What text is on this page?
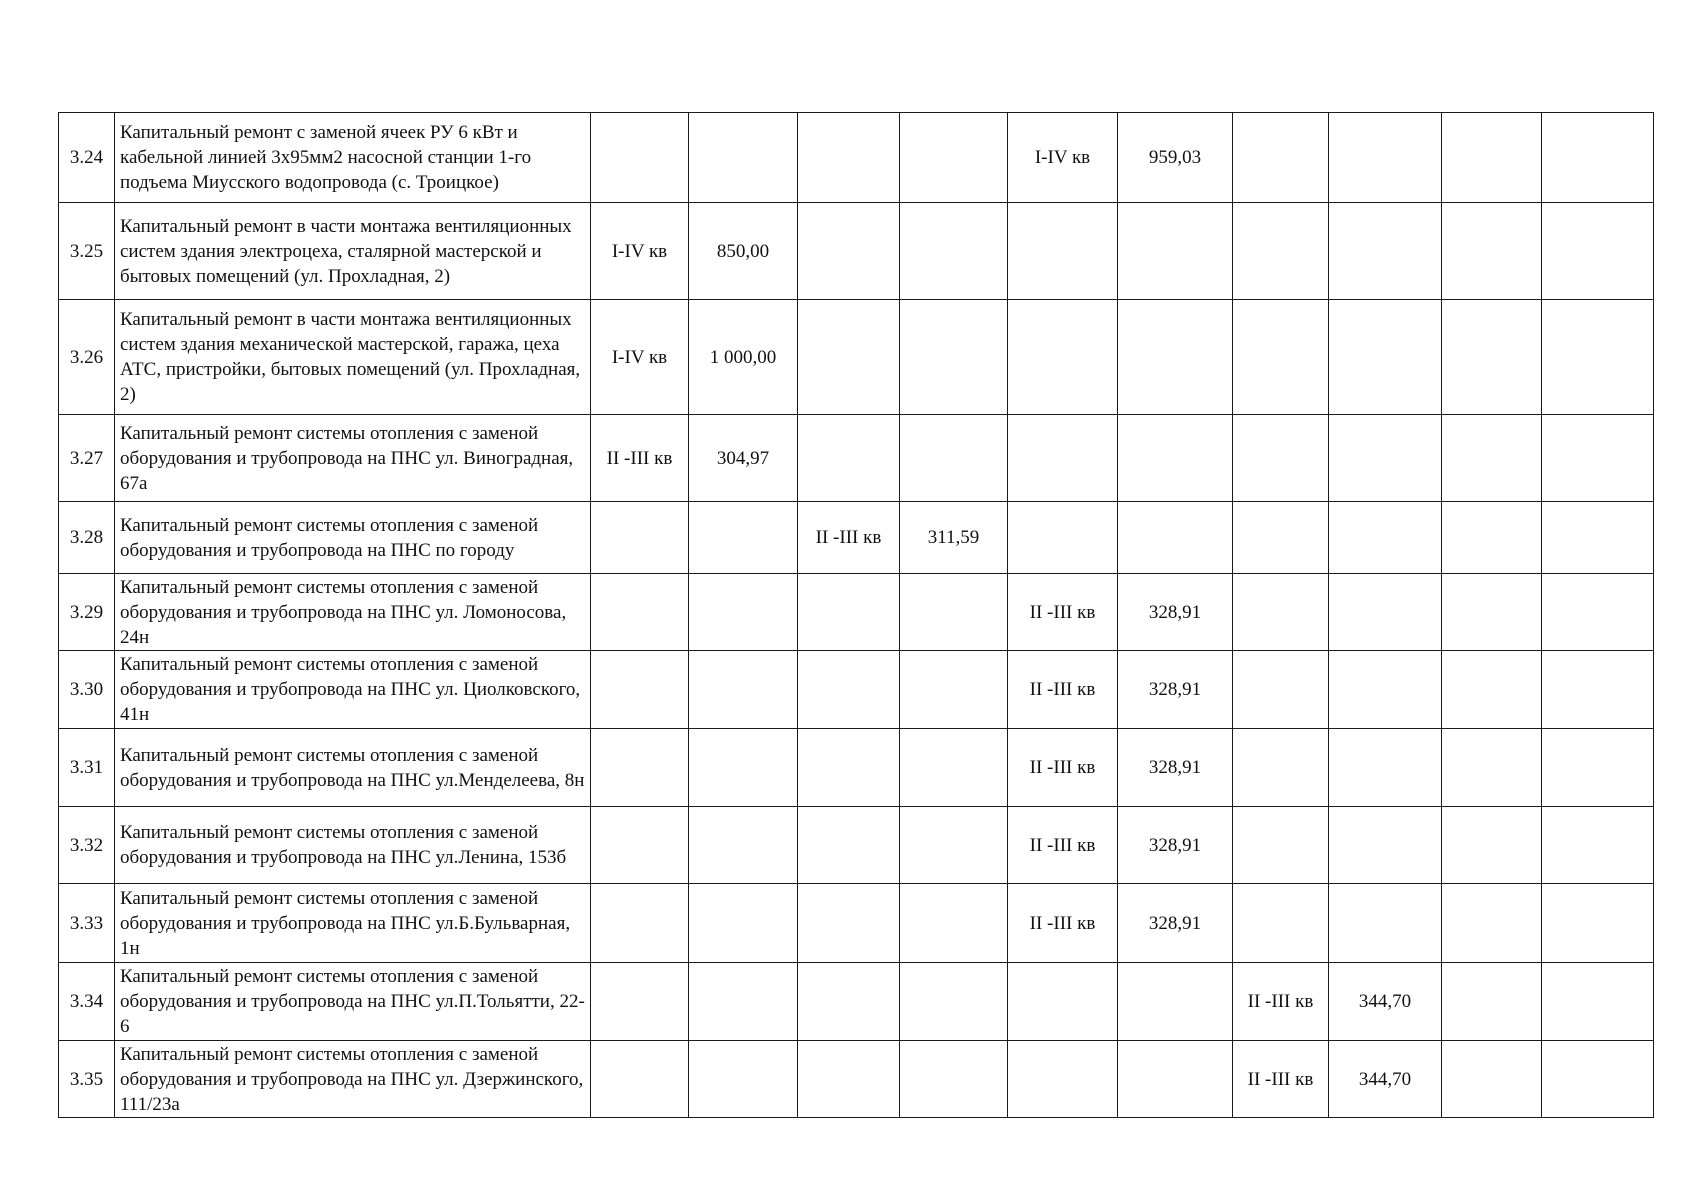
3.24	Капитальный ремонт с заменой ячеек РУ 6 кВт и кабельной линией 3х95мм2 насосной станции 1-го подъема Миусского водопровода (с. Троицкое)					I-IV кв	959,03				
3.25	Капитальный ремонт в части монтажа вентиляционных систем здания электроцеха, сталярной мастерской и бытовых помещений (ул. Прохладная, 2)	I-IV кв	850,00								
3.26	Капитальный ремонт в части монтажа вентиляционных систем здания механической мастерской, гаража, цеха АТС, пристройки, бытовых помещений (ул. Прохладная, 2)	I-IV кв	1 000,00								
3.27	Капитальный ремонт системы отопления с заменой оборудования и трубопровода на ПНС ул. Виноградная, 67а	II -III кв	304,97								
3.28	Капитальный ремонт системы отопления с заменой оборудования и трубопровода на ПНС по городу			II -III кв	311,59						
3.29	Капитальный ремонт системы отопления с заменой оборудования и трубопровода на ПНС ул. Ломоносова, 24н					II -III кв	328,91				
3.30	Капитальный ремонт системы отопления с заменой оборудования и трубопровода на ПНС ул. Циолковского, 41н					II -III кв	328,91				
3.31	Капитальный ремонт системы отопления с заменой оборудования и трубопровода на ПНС ул.Менделеева, 8н					II -III кв	328,91				
3.32	Капитальный ремонт системы отопления с заменой оборудования и трубопровода на ПНС ул.Ленина, 153б					II -III кв	328,91				
3.33	Капитальный ремонт системы отопления с заменой оборудования и трубопровода на ПНС ул.Б.Бульварная, 1н					II -III кв	328,91				
3.34	Капитальный ремонт системы отопления с заменой оборудования и трубопровода на ПНС ул.П.Тольятти, 22-6							II -III кв	344,70		
3.35	Капитальный ремонт системы отопления с заменой оборудования и трубопровода на ПНС ул. Дзержинского, 111/23а							II -III кв	344,70		
